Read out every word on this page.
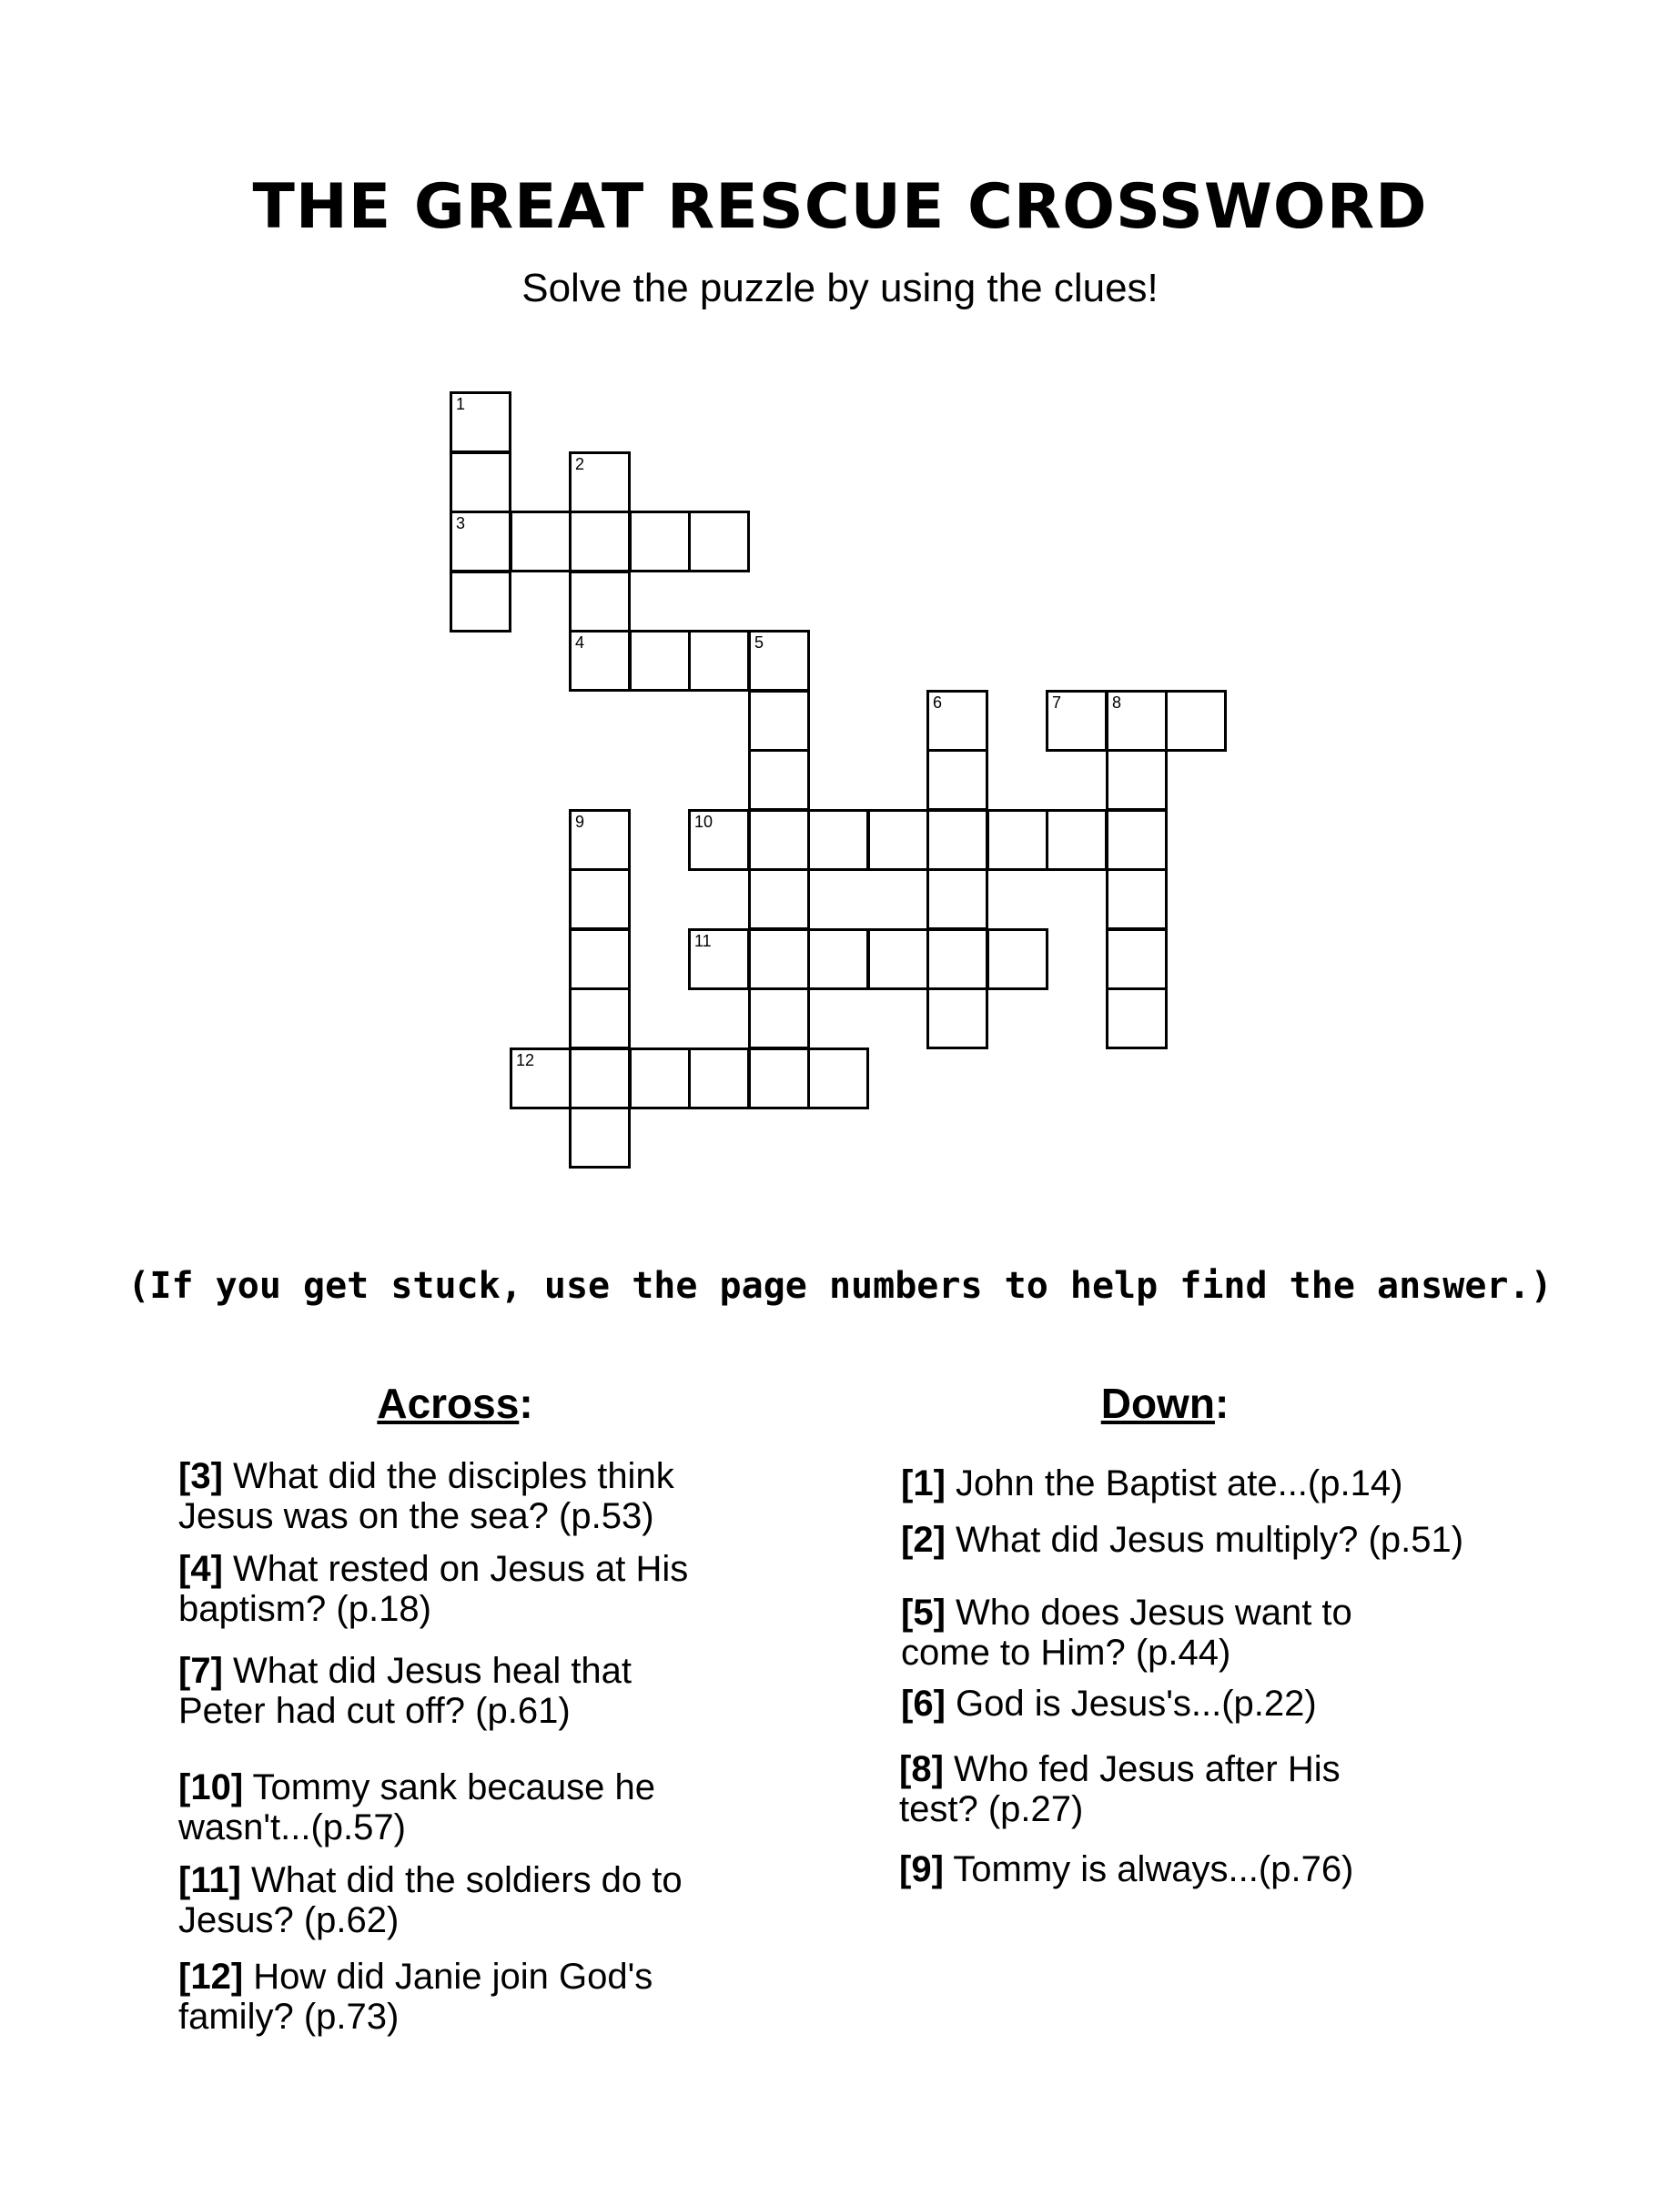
THE GREAT RESCUE CROSSWORD
Solve the puzzle by using the clues!
1
2
3
4	5
6	7	8
9	10
11
12
(If you get stuck, use the page numbers to help find the answer.)
Across:	Down:
[3] What did the disciples think
Jesus was on the sea? (p.53)
[4] What rested on Jesus at His
baptism? (p.18)
[7] What did Jesus heal that
Peter had cut off? (p.61)
[10] Tommy sank because he
wasn't...(p.57)
[11] What did the soldiers do to
Jesus? (p.62)
[12] How did Janie join God's
family? (p.73)
[1] John the Baptist ate...(p.14)
[2] What did Jesus multiply? (p.51)
[5] Who does Jesus want to
come to Him? (p.44)
[6] God is Jesus's...(p.22)
[8] Who fed Jesus after His
test? (p.27)
[9] Tommy is always...(p.76)
